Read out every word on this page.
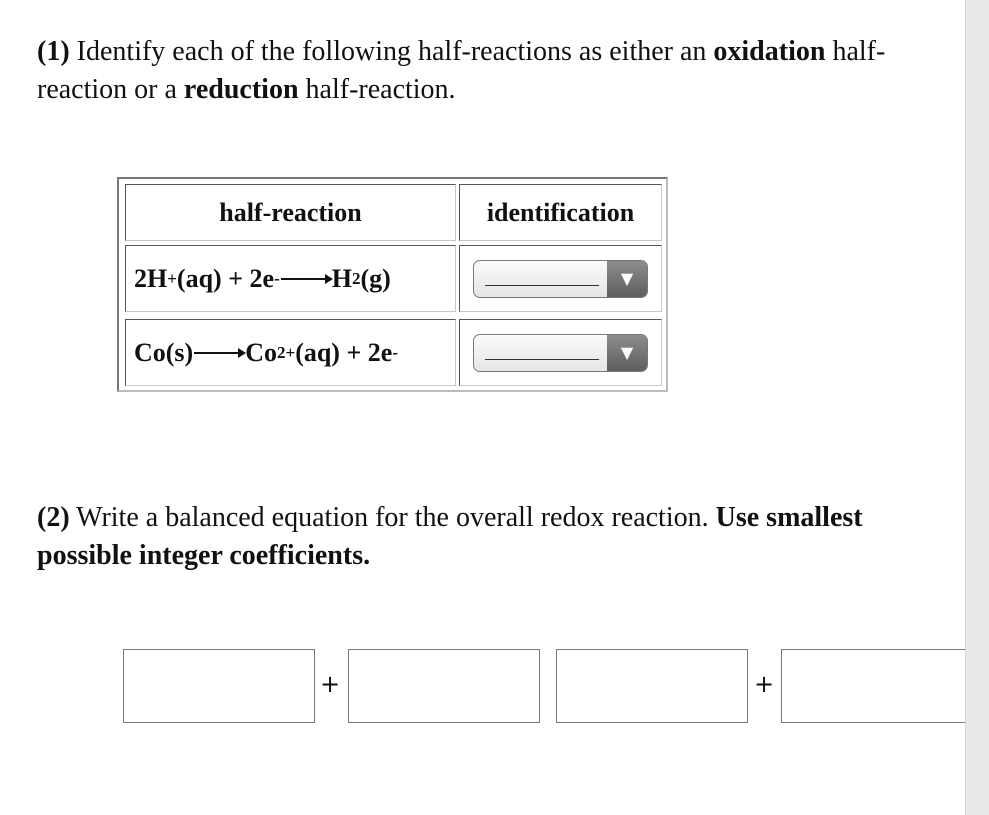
(1) Identify each of the following half-reactions as either an oxidation half-reaction or a reduction half-reaction.

half-reaction	identification
2H + (aq) + 2e - → H 2 (g)	▼
Co(s) → Co 2+ (aq) + 2e -	▼

(2) Write a balanced equation for the overall redox reaction. Use smallest possible integer coefficients.

+	+
